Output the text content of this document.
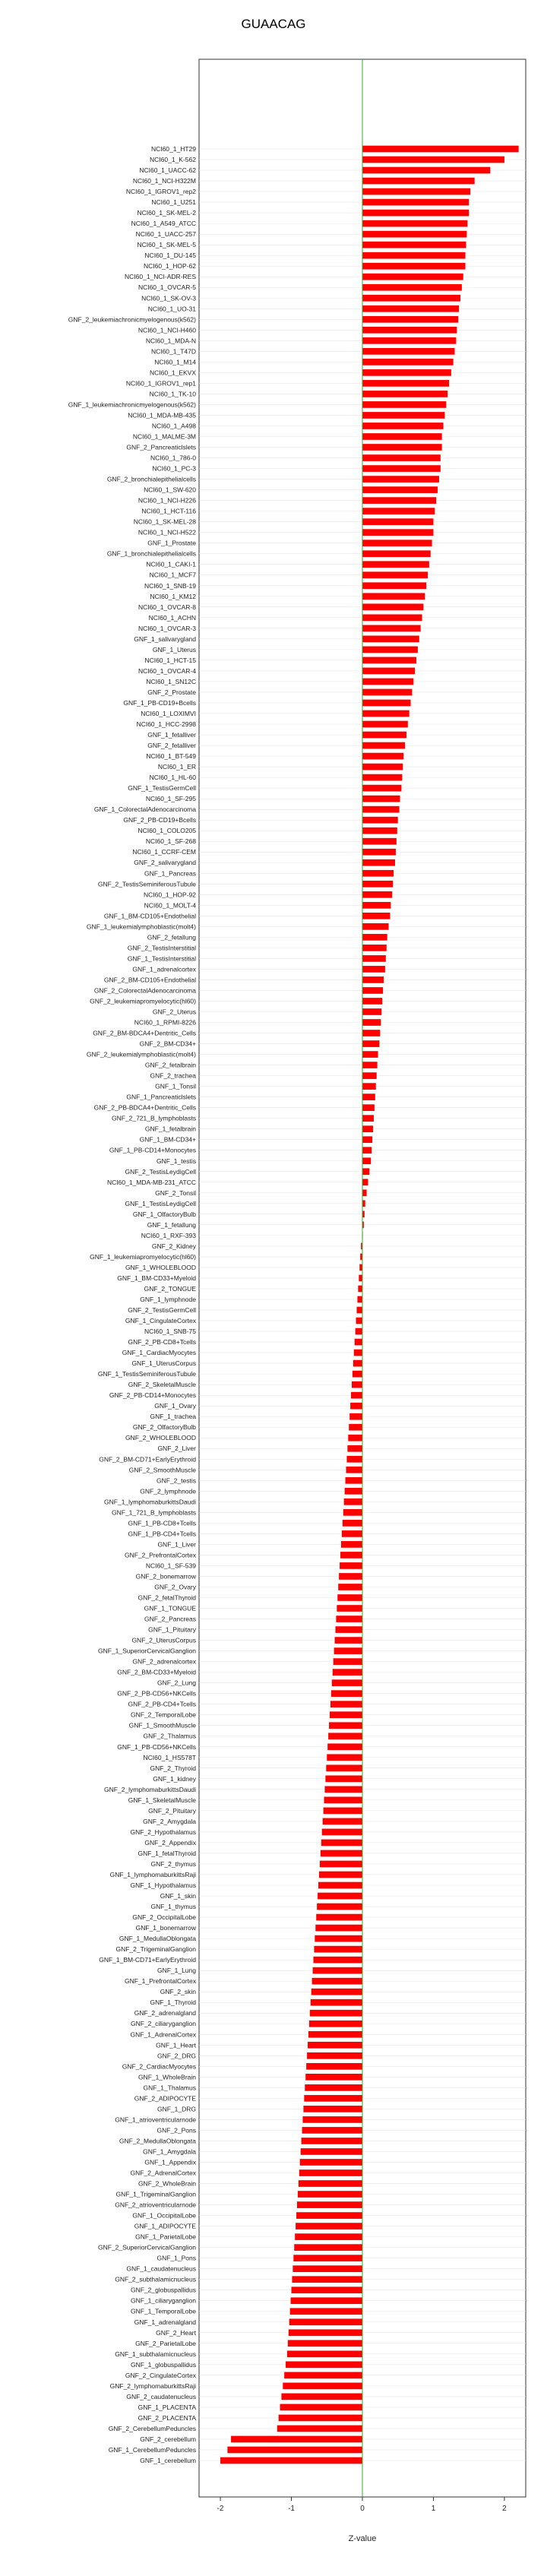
GUAACAG
NCI60_1_HT29
NCI60_1_K-562
NCI60_1_UACC-62
NCI60_1_NCI-H322M
NCI60_1_IGROV1_rep2
NCI60_1_U251
NCI60_1_SK-MEL-2
NCI60_1_A549_ATCC
NCI60_1_UACC-257
NCI60_1_SK-MEL-5
NCI60_1_DU-145
NCI60_1_HOP-62
NCI60_1_NCI-ADR-RES
NCI60_1_OVCAR-5
NCI60_1_SK-OV-3
NCI60_1_UO-31
GNF_2_leukemiachronicmyelogenous(k562)
NCI60_1_NCI-H460
NCI60_1_MDA-N
NCI60_1_T47D
NCI60_1_M14
NCI60_1_EKVX
NCI60_1_IGROV1_rep1
NCI60_1_TK-10
GNF_1_leukemiachronicmyelogenous(k562)
NCI60_1_MDA-MB-435
NCI60_1_A498
NCI60_1_MALME-3M
GNF_2_Pancreaticlslets
NCI60_1_786-0
NCI60_1_PC-3
GNF_2_bronchialepithelialcells
NCI60_1_SW-620
NCI60_1_NCI-H226
NCI60_1_HCT-116
NCI60_1_SK-MEL-28
NCI60_1_NCI-H522
GNF_1_Prostate
GNF_1_bronchialepithelialcells
NCI60_1_CAKI-1
NCI60_1_MCF7
NCI60_1_SNB-19
NCI60_1_KM12
NCI60_1_OVCAR-8
NCI60_1_ACHN
NCI60_1_OVCAR-3
GNF_1_salivarygland
GNF_1_Uterus
NCI60_1_HCT-15
NCI60_1_OVCAR-4
NCI60_1_SN12C
GNF_2_Prostate
GNF_1_PB-CD19+Bcells
NCI60_1_LOXIMVI
NCI60_1_HCC-2998
GNF_1_fetalliver
GNF_2_fetalliver
NCI60_1_BT-549
NCI60_1_ER
NCI60_1_HL-60
GNF_1_TestisGermCell
NCI60_1_SF-295
GNF_1_ColorectalAdenocarcinoma
GNF_2_PB-CD19+Bcells
NCI60_1_COLO205
NCI60_1_SF-268
NCI60_1_CCRF-CEM
GNF_2_salivarygland
GNF_1_Pancreas
GNF_2_TestisSeminiferousTubule
NCI60_1_HOP-92
NCI60_1_MOLT-4
GNF_1_BM-CD105+Endothelial
GNF_1_leukemialymphoblastic(molt4)
GNF_2_fetallung
GNF_2_TestisInterstitial
GNF_1_TestisInterstitial
GNF_1_adrenalcortex
GNF_2_BM-CD105+Endothelial
GNF_2_ColorectalAdenocarcinoma
GNF_2_leukemiapromyelocytic(hl60)
GNF_2_Uterus
NCI60_1_RPMI-8226
GNF_2_BM-BDCA4+Dentritic_Cells
GNF_2_BM-CD34+
GNF_2_leukemialymphoblastic(molt4)
GNF_2_fetalbrain
GNF_2_trachea
GNF_1_Tonsil
GNF_1_Pancreaticlslets
GNF_2_PB-BDCA4+Dentritic_Cells
GNF_2_721_B_lymphoblasts
GNF_1_fetalbrain
GNF_1_BM-CD34+
GNF_1_PB-CD14+Monocytes
GNF_1_testis
GNF_2_TestisLeydigCell
NCI60_1_MDA-MB-231_ATCC
GNF_2_Tonsil
GNF_1_TestisLeydigCell
GNF_1_OlfactoryBulb
GNF_1_fetallung
NCI60_1_RXF-393
GNF_2_Kidney
GNF_1_leukemiapromyelocytic(hl60)
GNF_1_WHOLEBLOOD
GNF_1_BM-CD33+Myeloid
GNF_2_TONGUE
GNF_1_lymphnode
GNF_2_TestisGermCell
GNF_1_CingulateCortex
NCI60_1_SNB-75
GNF_2_PB-CD8+Tcells
GNF_1_CardiacMyocytes
GNF_1_UterusCorpus
GNF_1_TestisSeminiferousTubule
GNF_2_SkeletalMuscle
GNF_2_PB-CD14+Monocytes
GNF_1_Ovary
GNF_1_trachea
GNF_2_OlfactoryBulb
GNF_2_WHOLEBLOOD
GNF_2_Liver
GNF_2_BM-CD71+EarlyErythroid
GNF_2_SmoothMuscle
GNF_2_testis
GNF_2_lymphnode
GNF_1_lymphomaburkittsDaudi
GNF_1_721_B_lymphoblasts
GNF_1_PB-CD8+Tcells
GNF_1_PB-CD4+Tcells
GNF_1_Liver
GNF_2_PrefrontalCortex
NCI60_1_SF-539
GNF_2_bonemarrow
GNF_2_Ovary
GNF_2_fetalThyroid
GNF_1_TONGUE
GNF_2_Pancreas
GNF_1_Pituitary
GNF_2_UterusCorpus
GNF_1_SuperiorCervicalGanglion
GNF_2_adrenalcortex
GNF_2_BM-CD33+Myeloid
GNF_2_Lung
GNF_2_PB-CD56+NKCells
GNF_2_PB-CD4+Tcells
GNF_2_TemporalLobe
GNF_1_SmoothMuscle
GNF_2_Thalamus
GNF_1_PB-CD56+NKCells
NCI60_1_HS578T
GNF_2_Thyroid
GNF_1_kidney
GNF_2_lymphomaburkittsDaudi
GNF_1_SkeletalMuscle
GNF_2_Pituitary
GNF_2_Amygdala
GNF_2_Hypothalamus
GNF_2_Appendix
GNF_1_fetalThyroid
GNF_2_thymus
GNF_1_lymphomaburkittsRaji
GNF_1_Hypothalamus
GNF_1_skin
GNF_1_thymus
GNF_2_OccipitalLobe
GNF_1_bonemarrow
GNF_1_MedullaOblongata
GNF_2_TrigeminalGanglion
GNF_1_BM-CD71+EarlyErythroid
GNF_1_Lung
GNF_1_PrefrontalCortex
GNF_2_skin
GNF_1_Thyroid
GNF_2_adrenalgland
GNF_2_ciliaryganglion
GNF_1_AdrenalCortex
GNF_1_Heart
GNF_2_DRG
GNF_2_CardiacMyocytes
GNF_1_WholeBrain
GNF_1_Thalamus
GNF_2_ADIPOCYTE
GNF_1_DRG
GNF_1_atrioventricularnode
GNF_2_Pons
GNF_2_MedullaOblongata
GNF_1_Amygdala
GNF_1_Appendix
GNF_2_AdrenalCortex
GNF_2_WholeBrain
GNF_1_TrigeminalGanglion
GNF_2_atrioventricularnode
GNF_1_OccipitalLobe
GNF_1_ADIPOCYTE
GNF_1_ParietalLobe
GNF_2_SuperiorCervicalGanglion
GNF_1_Pons
GNF_1_caudatenucleus
GNF_2_subthalamicnucleus
GNF_2_globuspallidus
GNF_1_ciliaryganglion
GNF_1_TemporalLobe
GNF_1_adrenalgland
GNF_2_Heart
GNF_2_ParietalLobe
GNF_1_subthalamicnucleus
GNF_1_globuspallidus
GNF_2_CingulateCortex
GNF_2_lymphomaburkittsRaji
GNF_2_caudatenucleus
GNF_1_PLACENTA
GNF_2_PLACENTA
GNF_2_CerebellumPeduncles
GNF_2_cerebellum
GNF_1_CerebellumPeduncles
GNF_1_cerebellum
-2	-1	0	1	2
Z-value
